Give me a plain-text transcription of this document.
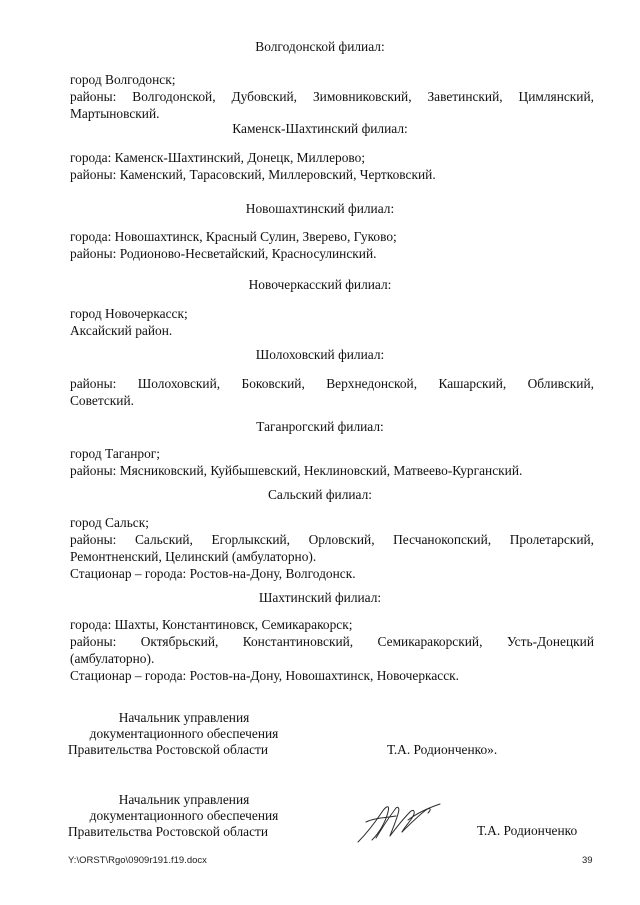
Волгодонской филиал:
город Волгодонск;
районы: Волгодонской, Дубовский, Зимовниковский, Заветинский, Цимлянский,
Мартыновский.
Каменск-Шахтинский филиал:
города: Каменск-Шахтинский, Донецк, Миллерово;
районы: Каменский, Тарасовский, Миллеровский, Чертковский.
Новошахтинский филиал:
города: Новошахтинск, Красный Сулин, Зверево, Гуково;
районы: Родионово-Несветайский, Красносулинский.
Новочеркасский филиал:
город Новочеркасск;
Аксайский район.
Шолоховский филиал:
районы: Шолоховский, Боковский, Верхнедонской, Кашарский, Обливский,
Советский.
Таганрогский филиал:
город Таганрог;
районы: Мясниковский, Куйбышевский, Неклиновский, Матвеево-Курганский.
Сальский филиал:
город Сальск;
районы: Сальский, Егорлыкский, Орловский, Песчанокопский, Пролетарский,
Ремонтненский, Целинский (амбулаторно).
Стационар – города: Ростов-на-Дону, Волгодонск.
Шахтинский филиал:
города: Шахты, Константиновск, Семикаракорск;
районы: Октябрьский, Константиновский, Семикаракорский, Усть-Донецкий
(амбулаторно).
Стационар – города: Ростов-на-Дону, Новошахтинск, Новочеркасск.
Начальник управления
документационного обеспечения
Правительства Ростовской области	Т.А. Родионченко».
Начальник управления
документационного обеспечения
Правительства Ростовской области	Т.А. Родионченко
Y:\ORST\Rgo\0909r191.f19.docx	39
